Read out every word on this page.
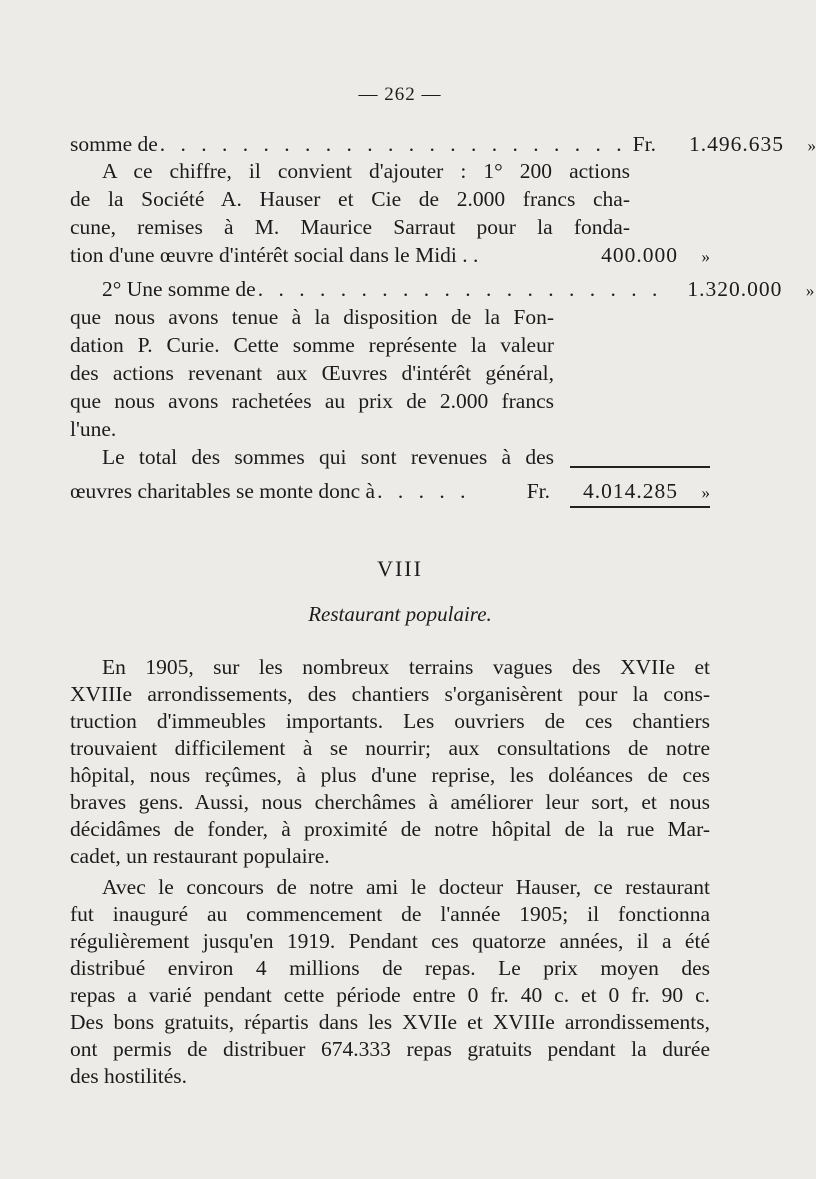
— 262 —
somme de . . . . . . . . . . . . . . . . . . . . . . . Fr.	1.496.635	»
A ce chiffre, il convient d'ajouter : 1° 200 actions
de la Société A. Hauser et Cie de 2.000 francs cha-
cune, remises à M. Maurice Sarraut pour la fonda-
tion d'une œuvre d'intérêt social dans le Midi . .	400.000	»
2° Une somme de . . . . . . . . . . . . . . . . . . . .	1.320.000	»
que nous avons tenue à la disposition de la Fon-
dation P. Curie. Cette somme représente la valeur
des actions revenant aux Œuvres d'intérêt général,
que nous avons rachetées au prix de 2.000 francs
l'une.
Le total des sommes qui sont revenues à des
œuvres charitables se monte donc à . . . . .	Fr.	4.014.285	»
VIII
Restaurant populaire.
En 1905, sur les nombreux terrains vagues des XVIIe et
XVIIIe arrondissements, des chantiers s'organisèrent pour la cons-
truction d'immeubles importants. Les ouvriers de ces chantiers
trouvaient difficilement à se nourrir; aux consultations de notre
hôpital, nous reçûmes, à plus d'une reprise, les doléances de ces
braves gens. Aussi, nous cherchâmes à améliorer leur sort, et nous
décidâmes de fonder, à proximité de notre hôpital de la rue Mar-
cadet, un restaurant populaire.
Avec le concours de notre ami le docteur Hauser, ce restaurant
fut inauguré au commencement de l'année 1905; il fonctionna
régulièrement jusqu'en 1919. Pendant ces quatorze années, il a été
distribué environ 4 millions de repas. Le prix moyen des
repas a varié pendant cette période entre 0 fr. 40 c. et 0 fr. 90 c.
Des bons gratuits, répartis dans les XVIIe et XVIIIe arrondissements,
ont permis de distribuer 674.333 repas gratuits pendant la durée
des hostilités.
